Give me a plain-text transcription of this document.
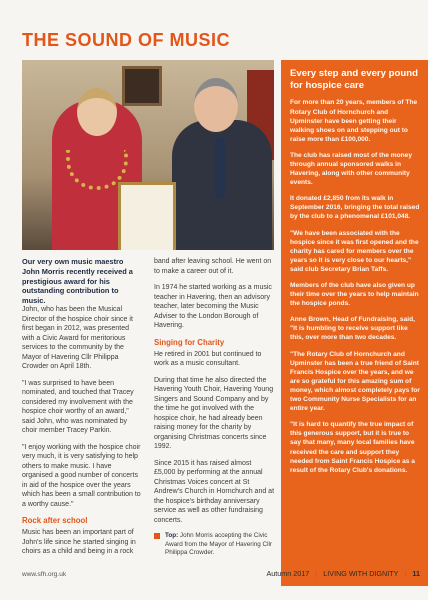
THE SOUND OF MUSIC

Our very own music maestro John Morris recently received a prestigious award for his outstanding contribution to music.

John, who has been the Musical Director of the hospice choir since it first began in 2012, was presented with a Civic Award for meritorious services to the community by the Mayor of Havering Cllr Philippa Crowder on April 18th.

"I was surprised to have been nominated, and touched that Tracey considered my involvement with the hospice choir worthy of an award," said John, who was nominated by choir member Tracey Parkin.

"I enjoy working with the hospice choir very much, it is very satisfying to help others to make music. I have organised a good number of concerts in aid of the hospice over the years which has been a small contribution to a worthy cause."

Rock after school

Music has been an important part of John's life since he started singing in choirs as a child and being in a rock

band after leaving school. He went on to make a career out of it.

In 1974 he started working as a music teacher in Havering, then an advisory teacher, later becoming the Music Adviser to the London Borough of Havering.

Singing for Charity

He retired in 2001 but continued to work as a music consultant.

During that time he also directed the Havering Youth Choir, Havering Young Singers and Sound Company and by the time he got involved with the hospice choir, he had already been raising money for the charity by organising Christmas concerts since 1992.

Since 2015 it has raised almost £5,000 by performing at the annual Christmas Voices concert at St Andrew's Church in Hornchurch and at the hospice's birthday anniversary service as well as other fundraising concerts.

Top: John Morris accepting the Civic Award from the Mayor of Havering Cllr Philippa Crowder.

Every step and every pound for hospice care

For more than 20 years, members of The Rotary Club of Hornchurch and Upminster have been getting their walking shoes on and stepping out to raise more than £100,000.

The club has raised most of the money through annual sponsored walks in Havering, along with other community events.

It donated £2,850 from its walk in September 2016, bringing the total raised by the club to a phenomenal £101,048.

"We have been associated with the hospice since it was first opened and the charity has cared for members over the years so it is very close to our hearts," said club Secretary Brian Taffs.

Members of the club have also given up their time over the years to help maintain the hospice ponds.

Anne Brown, Head of Fundraising, said, "It is humbling to receive support like this, over more than two decades.

"The Rotary Club of Hornchurch and Upminster has been a true friend of Saint Francis Hospice over the years, and we are so grateful for this amazing sum of money, which almost completely pays for two Community Nurse Specialists for an entire year.

"It is hard to quantify the true impact of this generous support, but it is true to say that many, many local families have received the care and support they needed from Saint Francis Hospice as a result of the Rotary Club's donations.

www.sfh.org.uk	Autumn 2017 | LIVING WITH DIGNITY | 11
